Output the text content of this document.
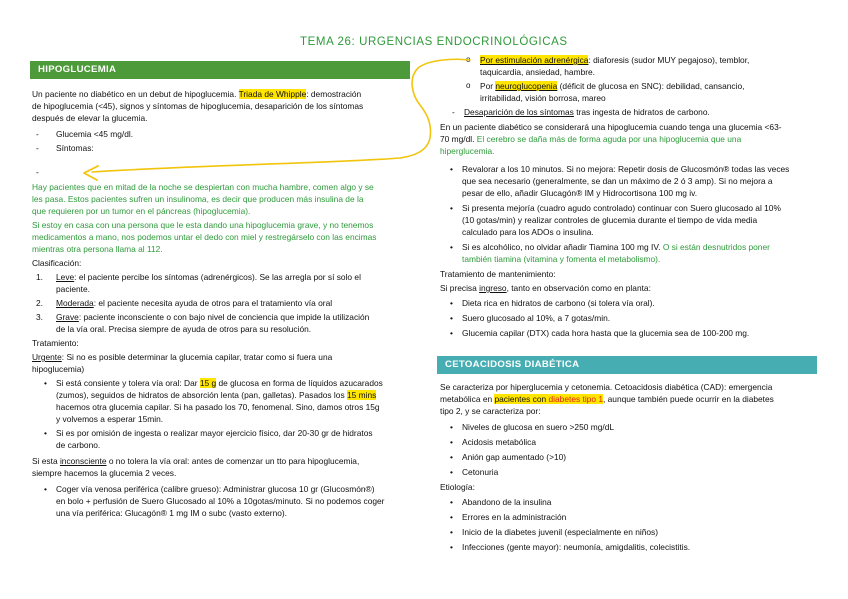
TEMA 26: URGENCIAS ENDOCRINOLÓGICAS
HIPOGLUCEMIA
Un paciente no diabético en un debut de hipoglucemia. Triada de Whipple: demostración
de hipoglucemia (<45), signos y síntomas de hipoglucemia, desaparición de los síntomas
después de elevar la glucemia.
- Glucemia <45 mg/dl.
- Síntomas:
-
Hay pacientes que en mitad de la noche se despiertan con mucha hambre, comen algo y se
les pasa. Estos pacientes sufren un insulinoma, es decir que producen más insulina de la
que requieren por un tumor en el páncreas (hipoglucemia).
Si estoy en casa con una persona que le esta dando una hipoglucemia grave, y no tenemos
medicamentos a mano, nos podemos untar el dedo con miel y restregárselo con las encimas
mientras otra persona llama al 112.
Clasificación:
1. Leve: el paciente percibe los síntomas (adrenérgicos). Se las arregla por sí solo el
paciente.
2. Moderada: el paciente necesita ayuda de otros para el tratamiento vía oral
3. Grave: paciente inconsciente o con bajo nivel de conciencia que impide la utilización
de la vía oral. Precisa siempre de ayuda de otros para su resolución.
Tratamiento:
Urgente: Si no es posible determinar la glucemia capilar, tratar como si fuera una
hipoglucemia)
• Si está consiente y tolera vía oral: Dar 15 g de glucosa en forma de líquidos azucarados
(zumos), seguidos de hidratos de absorción lenta (pan, galletas). Pasados los 15 mins
hacemos otra glucemia capilar. Si ha pasado los 70, fenomenal. Sino, damos otros 15g
y volvemos a esperar 15min.
• Si es por omisión de ingesta o realizar mayor ejercicio físico, dar 20-30 gr de hidratos
de carbono.
Si esta inconsciente o no tolera la vía oral: antes de comenzar un tto para hipoglucemia,
siempre hacemos la glucemia 2 veces.
• Coger vía venosa periférica (calibre grueso): Administrar glucosa 10 gr (Glucosmón®)
en bolo + perfusión de Suero Glucosado al 10% a 10gotas/minuto. Si no podemos coger
una vía periférica: Glucagón® 1 mg IM o subc (vasto externo).
o Por estimulación adrenérgica: diaforesis (sudor MUY pegajoso), temblor,
taquicardia, ansiedad, hambre.
o Por neuroglucopenia (déficit de glucosa en SNC): debilidad, cansancio,
irritabilidad, visión borrosa, mareo
- Desaparición de los síntomas tras ingesta de hidratos de carbono.
En un paciente diabético se considerará una hipoglucemia cuando tenga una glucemia <63-
70 mg/dl. El cerebro se daña más de forma aguda por una hipoglucemia que una
hiperglucemia.
• Revalorar a los 10 minutos. Si no mejora: Repetir dosis de Glucosmón® todas las veces
que sea necesario (generalmente, se dan un máximo de 2 ó 3 amp). Si no mejora a
pesar de ello, añadir Glucagón® IM y Hidrocortisona 100 mg iv.
• Si presenta mejoría (cuadro agudo controlado) continuar con Suero glucosado al 10%
(10 gotas/min) y realizar controles de glucemia durante el tiempo de vida media
calculado para los ADOs o insulina.
• Si es alcohólico, no olvidar añadir Tiamina 100 mg IV. O si están desnutridos poner
también tiamina (vitamina y fomenta el metabolismo).
Tratamiento de mantenimiento:
Si precisa ingreso, tanto en observación como en planta:
• Dieta rica en hidratos de carbono (si tolera vía oral).
• Suero glucosado al 10%, a 7 gotas/min.
• Glucemia capilar (DTX) cada hora hasta que la glucemia sea de 100-200 mg.
CETOACIDOSIS DIABÉTICA
Se caracteriza por hiperglucemia y cetonemia. Cetoacidosis diabética (CAD): emergencia
metabólica en pacientes con diabetes tipo 1, aunque también puede ocurrir en la diabetes
tipo 2, y se caracteriza por:
• Niveles de glucosa en suero >250 mg/dL
• Acidosis metabólica
• Anión gap aumentado (>10)
• Cetonuria
Etiología:
• Abandono de la insulina
• Errores en la administración
• Inicio de la diabetes juvenil (especialmente en niños)
• Infecciones (gente mayor): neumonía, amigdalitis, colecistitis.
